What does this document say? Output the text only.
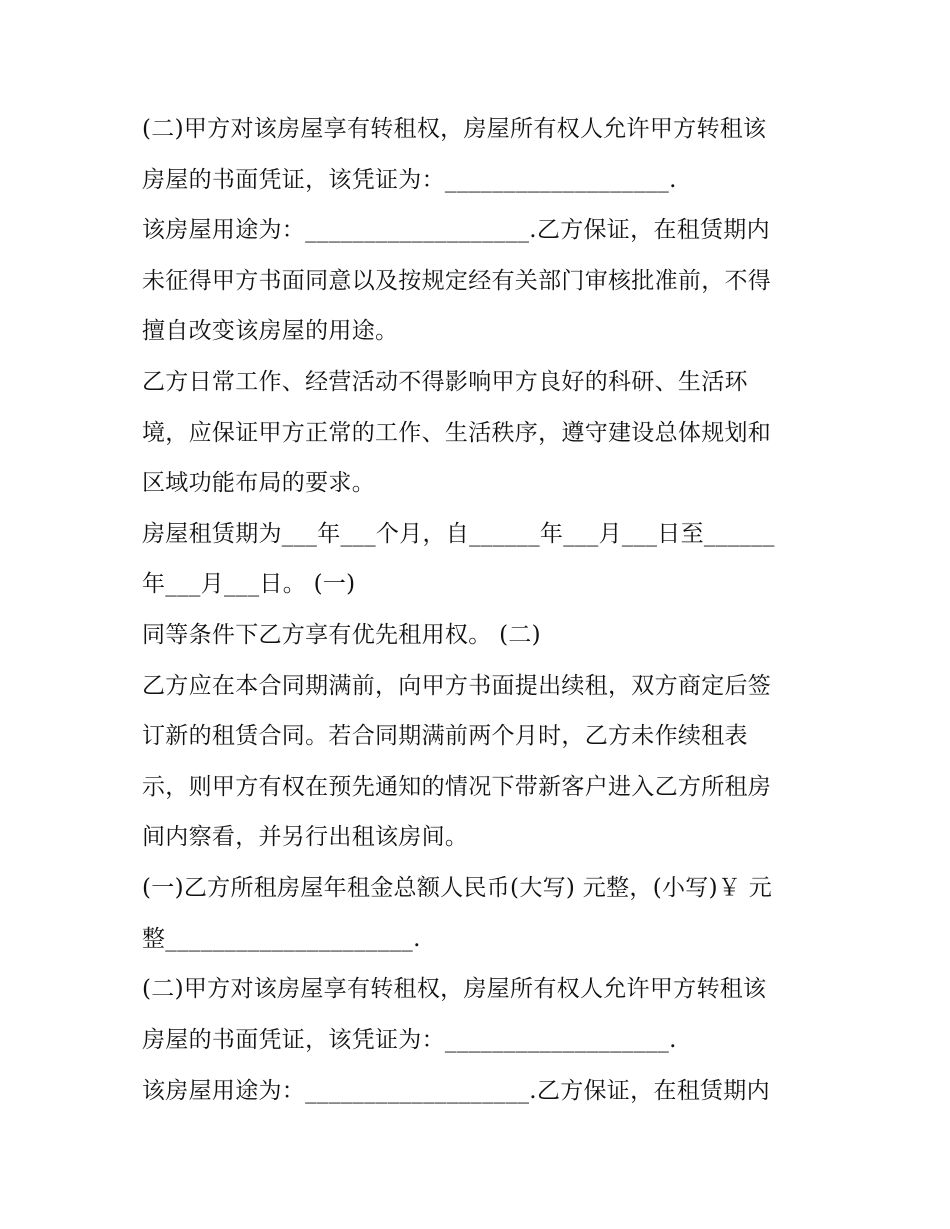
(二)甲方对该房屋享有转租权，房屋所有权人允许甲方转租该
房屋的书面凭证，该凭证为：___________________.
该房屋用途为：___________________.乙方保证，在租赁期内
未征得甲方书面同意以及按规定经有关部门审核批准前，不得
擅自改变该房屋的用途。
乙方日常工作、经营活动不得影响甲方良好的科研、生活环
境，应保证甲方正常的工作、生活秩序，遵守建设总体规划和
区域功能布局的要求。
房屋租赁期为___年___个月，自______年___月___日至______
年___月___日。 (一)
同等条件下乙方享有优先租用权。 (二)
乙方应在本合同期满前，向甲方书面提出续租，双方商定后签
订新的租赁合同。若合同期满前两个月时，乙方未作续租表
示，则甲方有权在预先通知的情况下带新客户进入乙方所租房
间内察看，并另行出租该房间。
(一)乙方所租房屋年租金总额人民币(大写) 元整，(小写)￥ 元
整_____________________.
(二)甲方对该房屋享有转租权，房屋所有权人允许甲方转租该
房屋的书面凭证，该凭证为：___________________.
该房屋用途为：___________________.乙方保证，在租赁期内
